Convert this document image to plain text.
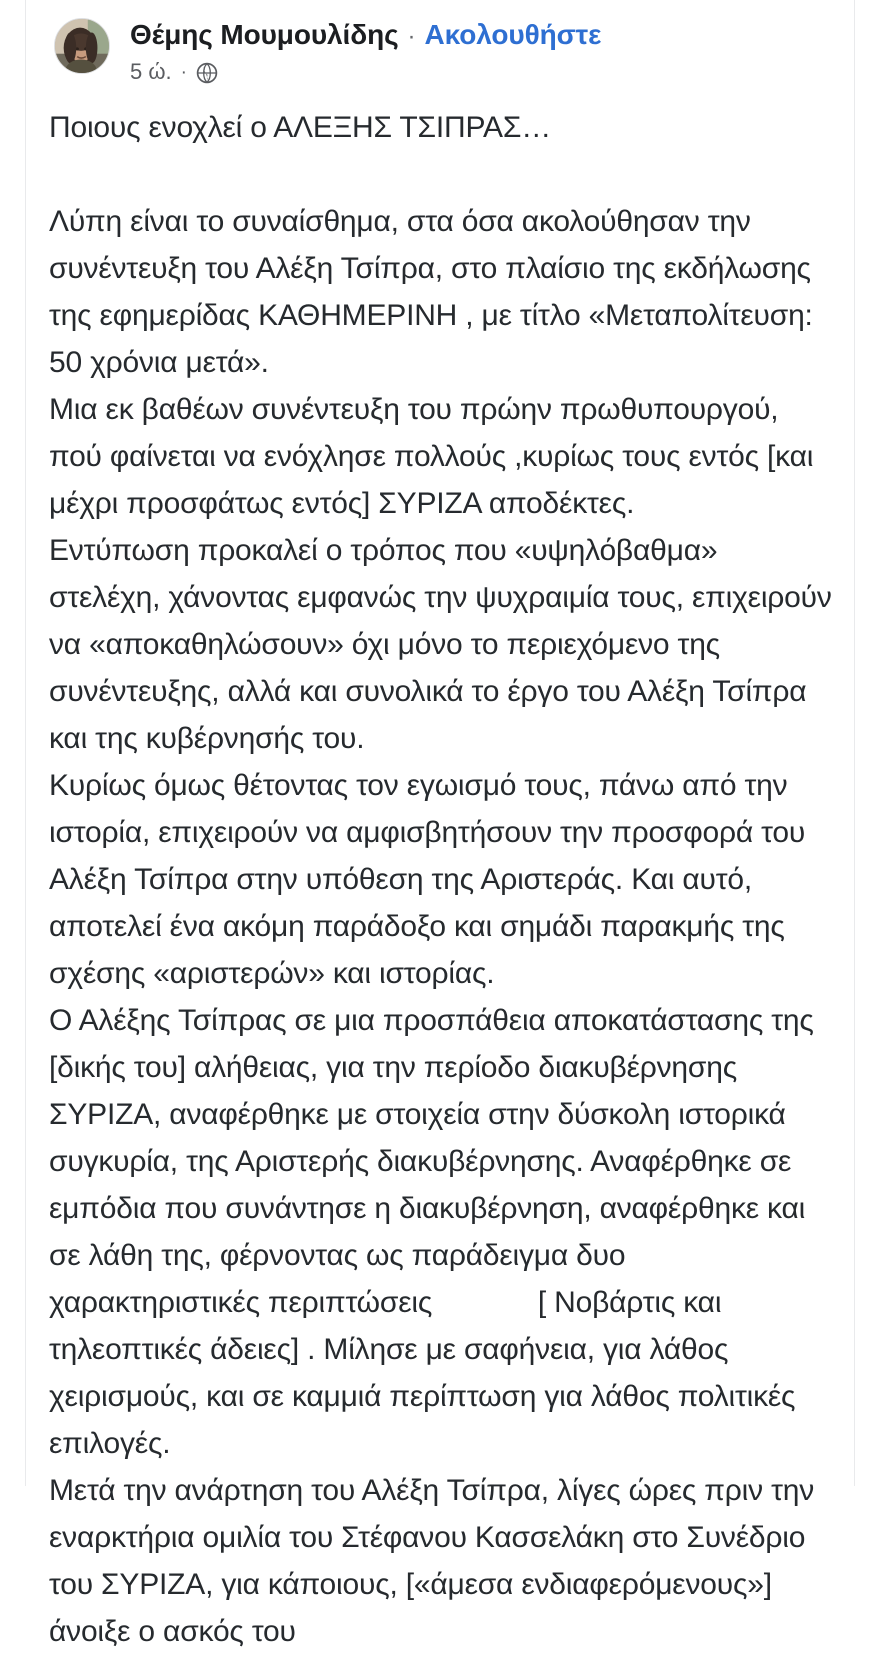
Θέμης Μουμουλίδης · Ακολουθήστε
5 ώ. ·
Ποιους ενοχλεί ο ΑΛΕΞΗΣ ΤΣΙΠΡΑΣ…
Λύπη είναι το συναίσθημα, στα όσα ακολούθησαν την συνέντευξη του Αλέξη Τσίπρα, στο πλαίσιο της εκδήλωσης της εφημερίδας ΚΑΘΗΜΕΡΙΝΗ , με τίτλο «Μεταπολίτευση: 50 χρόνια μετά».
Μια εκ βαθέων συνέντευξη του πρώην πρωθυπουργού,  πού φαίνεται να ενόχλησε πολλούς ,κυρίως τους εντός [και μέχρι προσφάτως εντός] ΣΥΡΙΖΑ αποδέκτες.
Εντύπωση προκαλεί ο τρόπος που «υψηλόβαθμα» στελέχη, χάνοντας εμφανώς την ψυχραιμία τους, επιχειρούν να «αποκαθηλώσουν» όχι μόνο το περιεχόμενο της συνέντευξης, αλλά και συνολικά το έργο του Αλέξη Τσίπρα και της κυβέρνησής του.
Κυρίως όμως θέτοντας τον εγωισμό τους, πάνω από την ιστορία, επιχειρούν να αμφισβητήσουν την προσφορά του Αλέξη Τσίπρα στην υπόθεση της Αριστεράς. Και αυτό, αποτελεί ένα ακόμη παράδοξο και σημάδι παρακμής της σχέσης «αριστερών» και ιστορίας.
Ο Αλέξης Τσίπρας σε μια προσπάθεια αποκατάστασης της [δικής του] αλήθειας, για την περίοδο διακυβέρνησης ΣΥΡΙΖΑ, αναφέρθηκε με στοιχεία στην δύσκολη ιστορικά συγκυρία, της Αριστερής διακυβέρνησης. Αναφέρθηκε σε εμπόδια που συνάντησε η διακυβέρνηση, αναφέρθηκε και σε λάθη της, φέρνοντας ως παράδειγμα δυο χαρακτηριστικές περιπτώσεις             [ Νοβάρτις και τηλεοπτικές άδειες] . Μίλησε με σαφήνεια, για λάθος χειρισμούς, και σε καμμιά περίπτωση για λάθος πολιτικές επιλογές.
Μετά την ανάρτηση του Αλέξη Τσίπρα, λίγες ώρες πριν την εναρκτήρια ομιλία του Στέφανου Κασσελάκη στο Συνέδριο του ΣΥΡΙΖΑ, για κάποιους, [«άμεσα ενδιαφερόμενους»] άνοιξε ο ασκός του
